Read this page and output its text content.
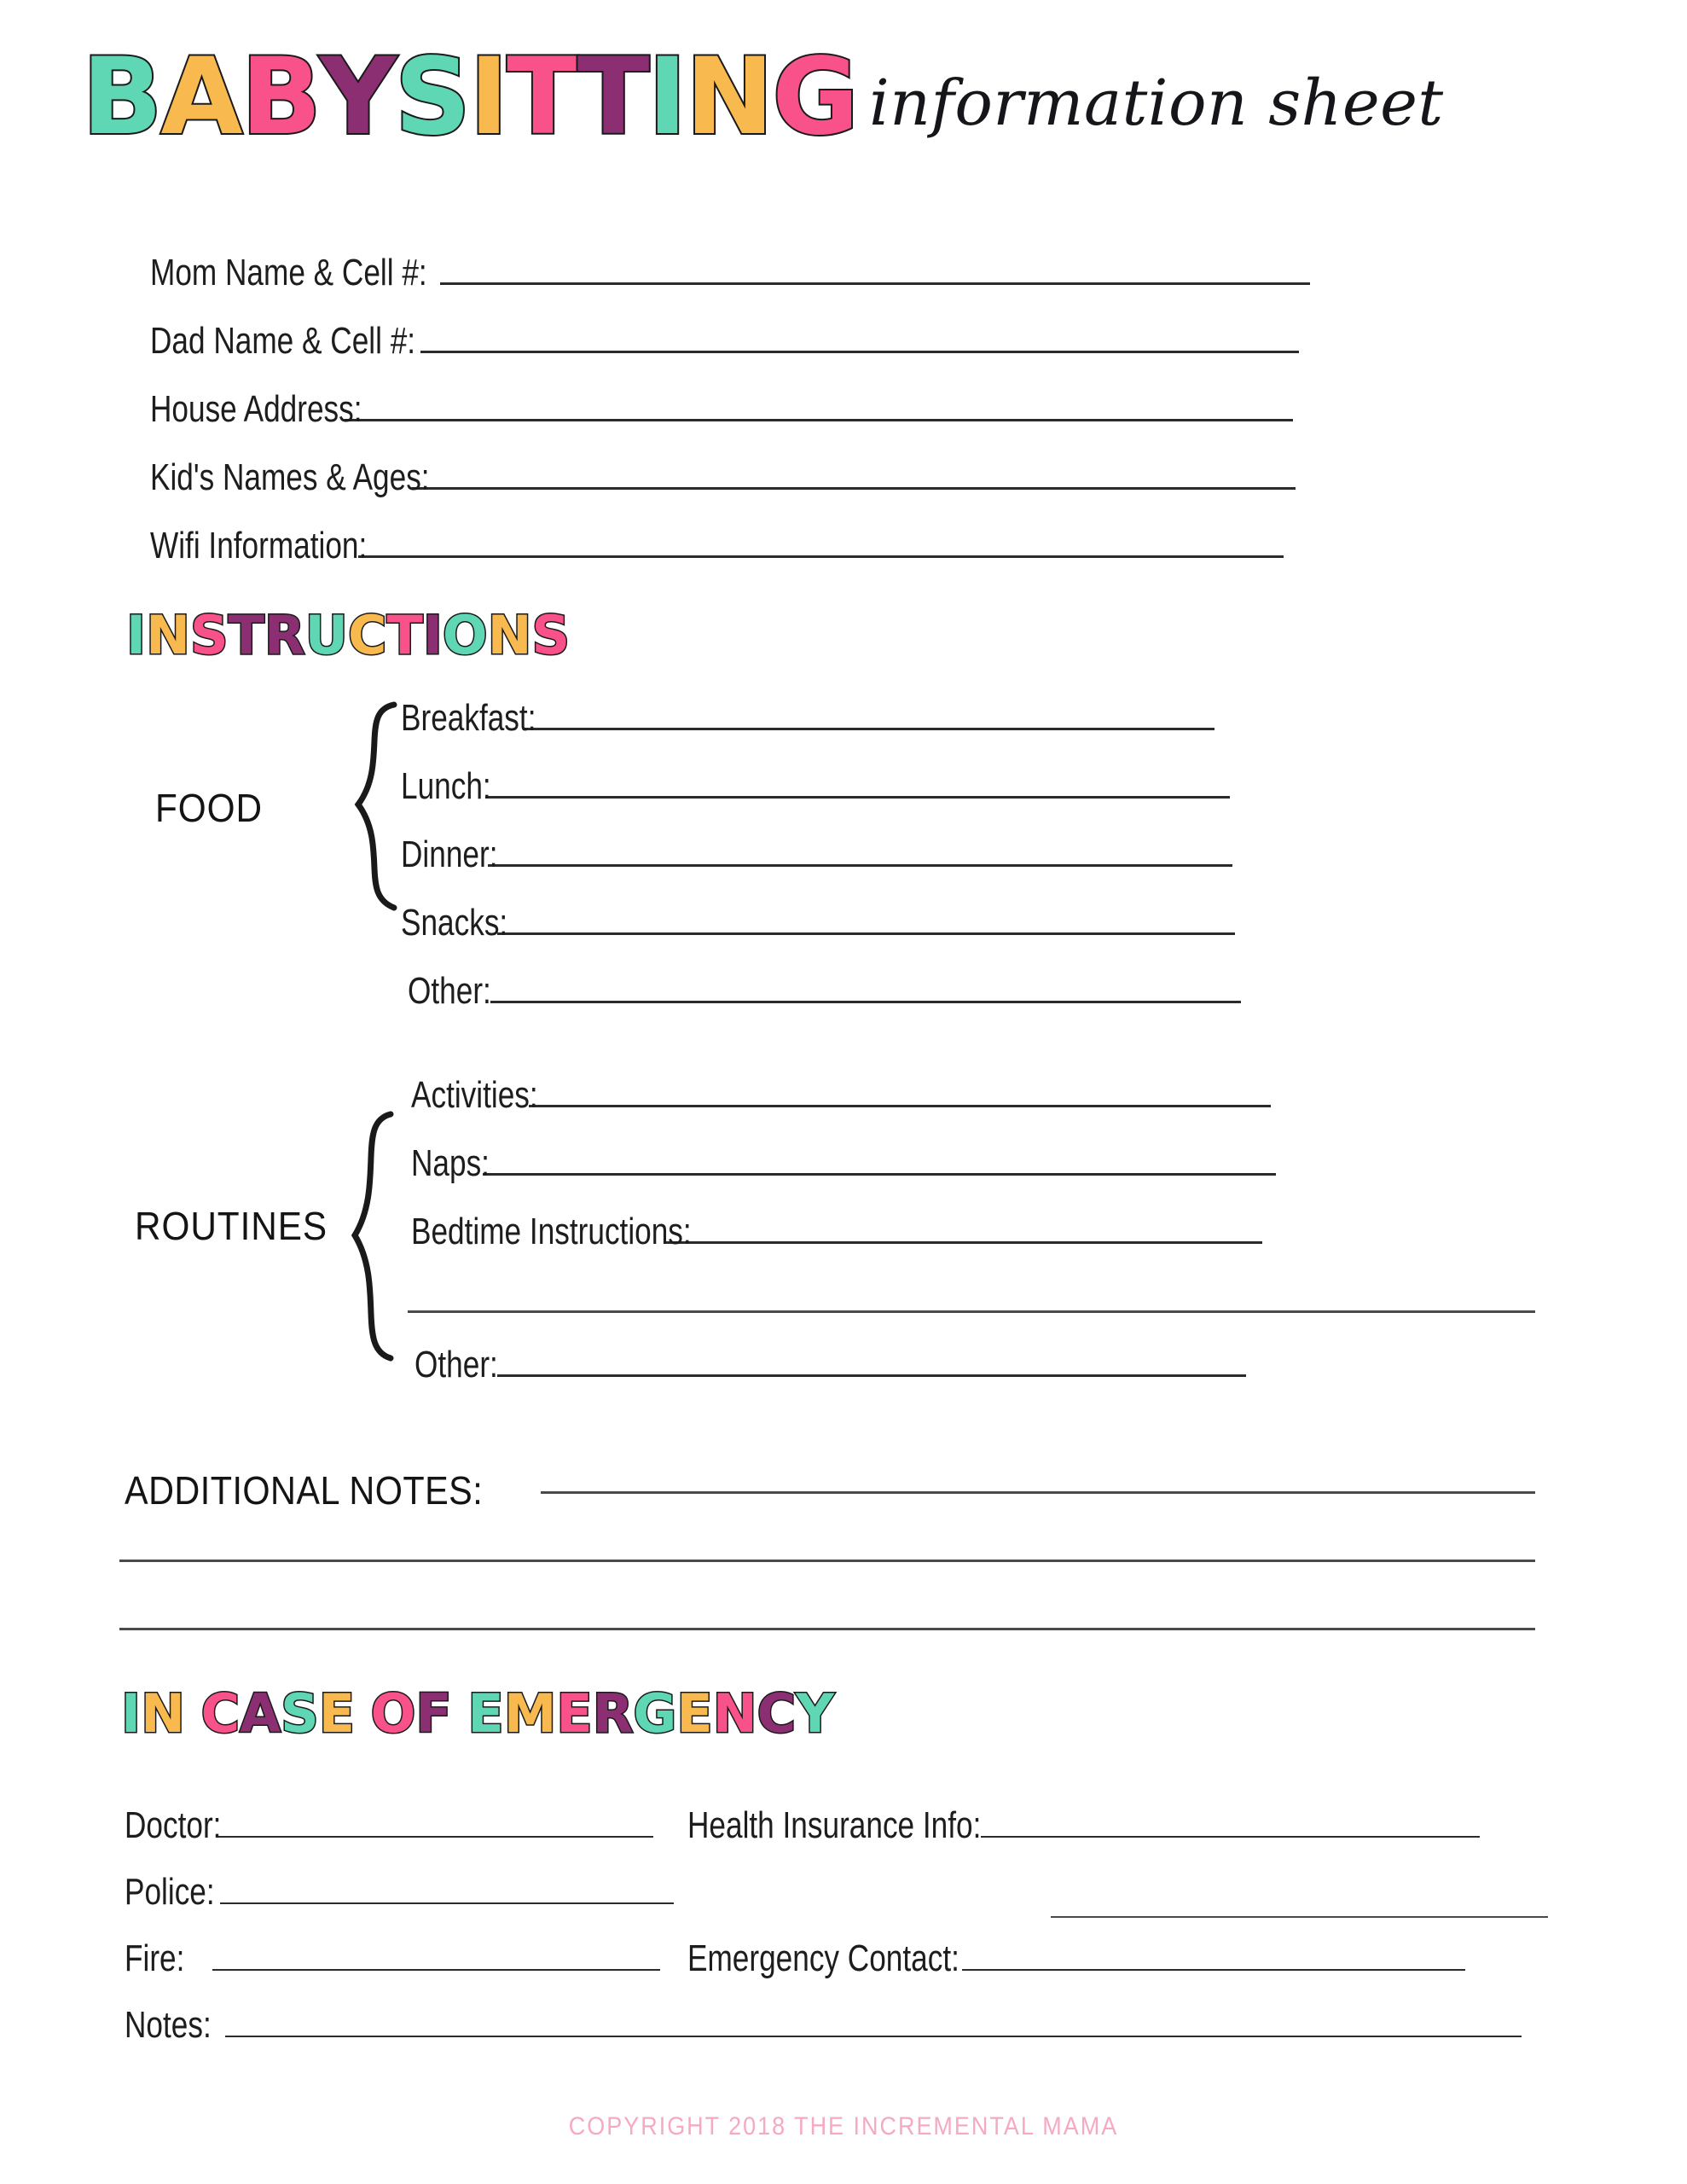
BABYSITTING information sheet
Mom Name & Cell #:
Dad Name & Cell #:
House Address:
Kid's Names & Ages:
Wifi Information:
INSTRUCTIONS
FOOD
Breakfast:
Lunch:
Dinner:
Snacks:
Other:
ROUTINES
Activities:
Naps:
Bedtime Instructions:
Other:
ADDITIONAL NOTES:
IN CASE OF EMERGENCY
Doctor:
Police:
Fire:
Notes:
Health Insurance Info:
Emergency Contact:
COPYRIGHT 2018 THE INCREMENTAL MAMA
